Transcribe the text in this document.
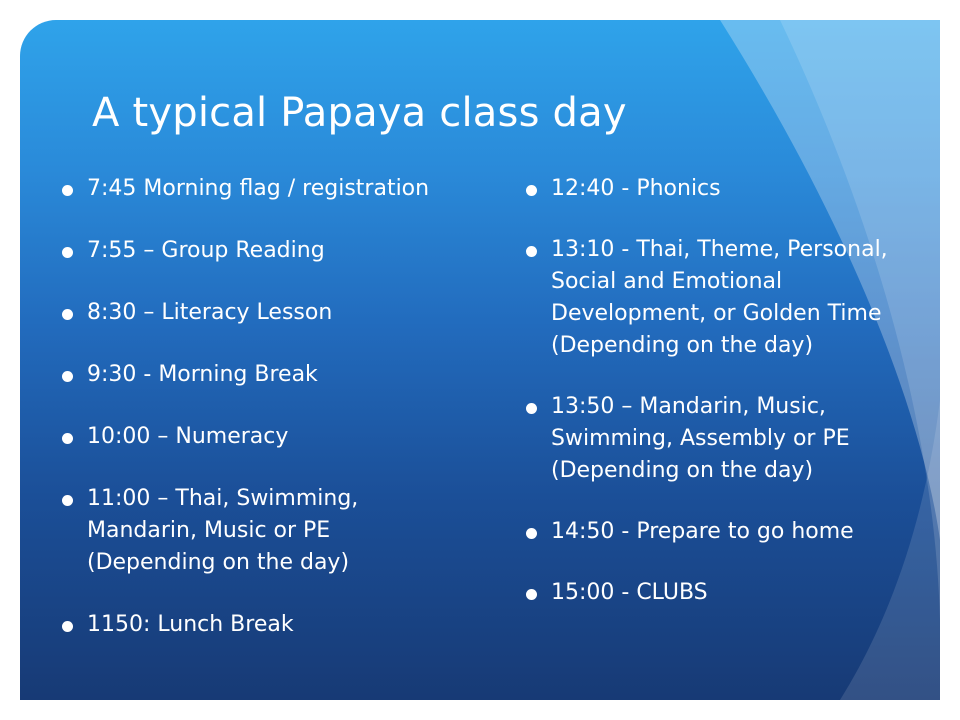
A typical Papaya class day
7:45 Morning flag / registration
7:55 – Group Reading
8:30 – Literacy Lesson
9:30 - Morning Break
10:00 – Numeracy
11:00 – Thai, Swimming, Mandarin, Music or PE (Depending on the day)
1150: Lunch Break
12:40 - Phonics
13:10 - Thai, Theme, Personal, Social and Emotional Development, or Golden Time (Depending on the day)
13:50 – Mandarin, Music, Swimming, Assembly or PE (Depending on the day)
14:50 - Prepare to go home
15:00 - CLUBS
